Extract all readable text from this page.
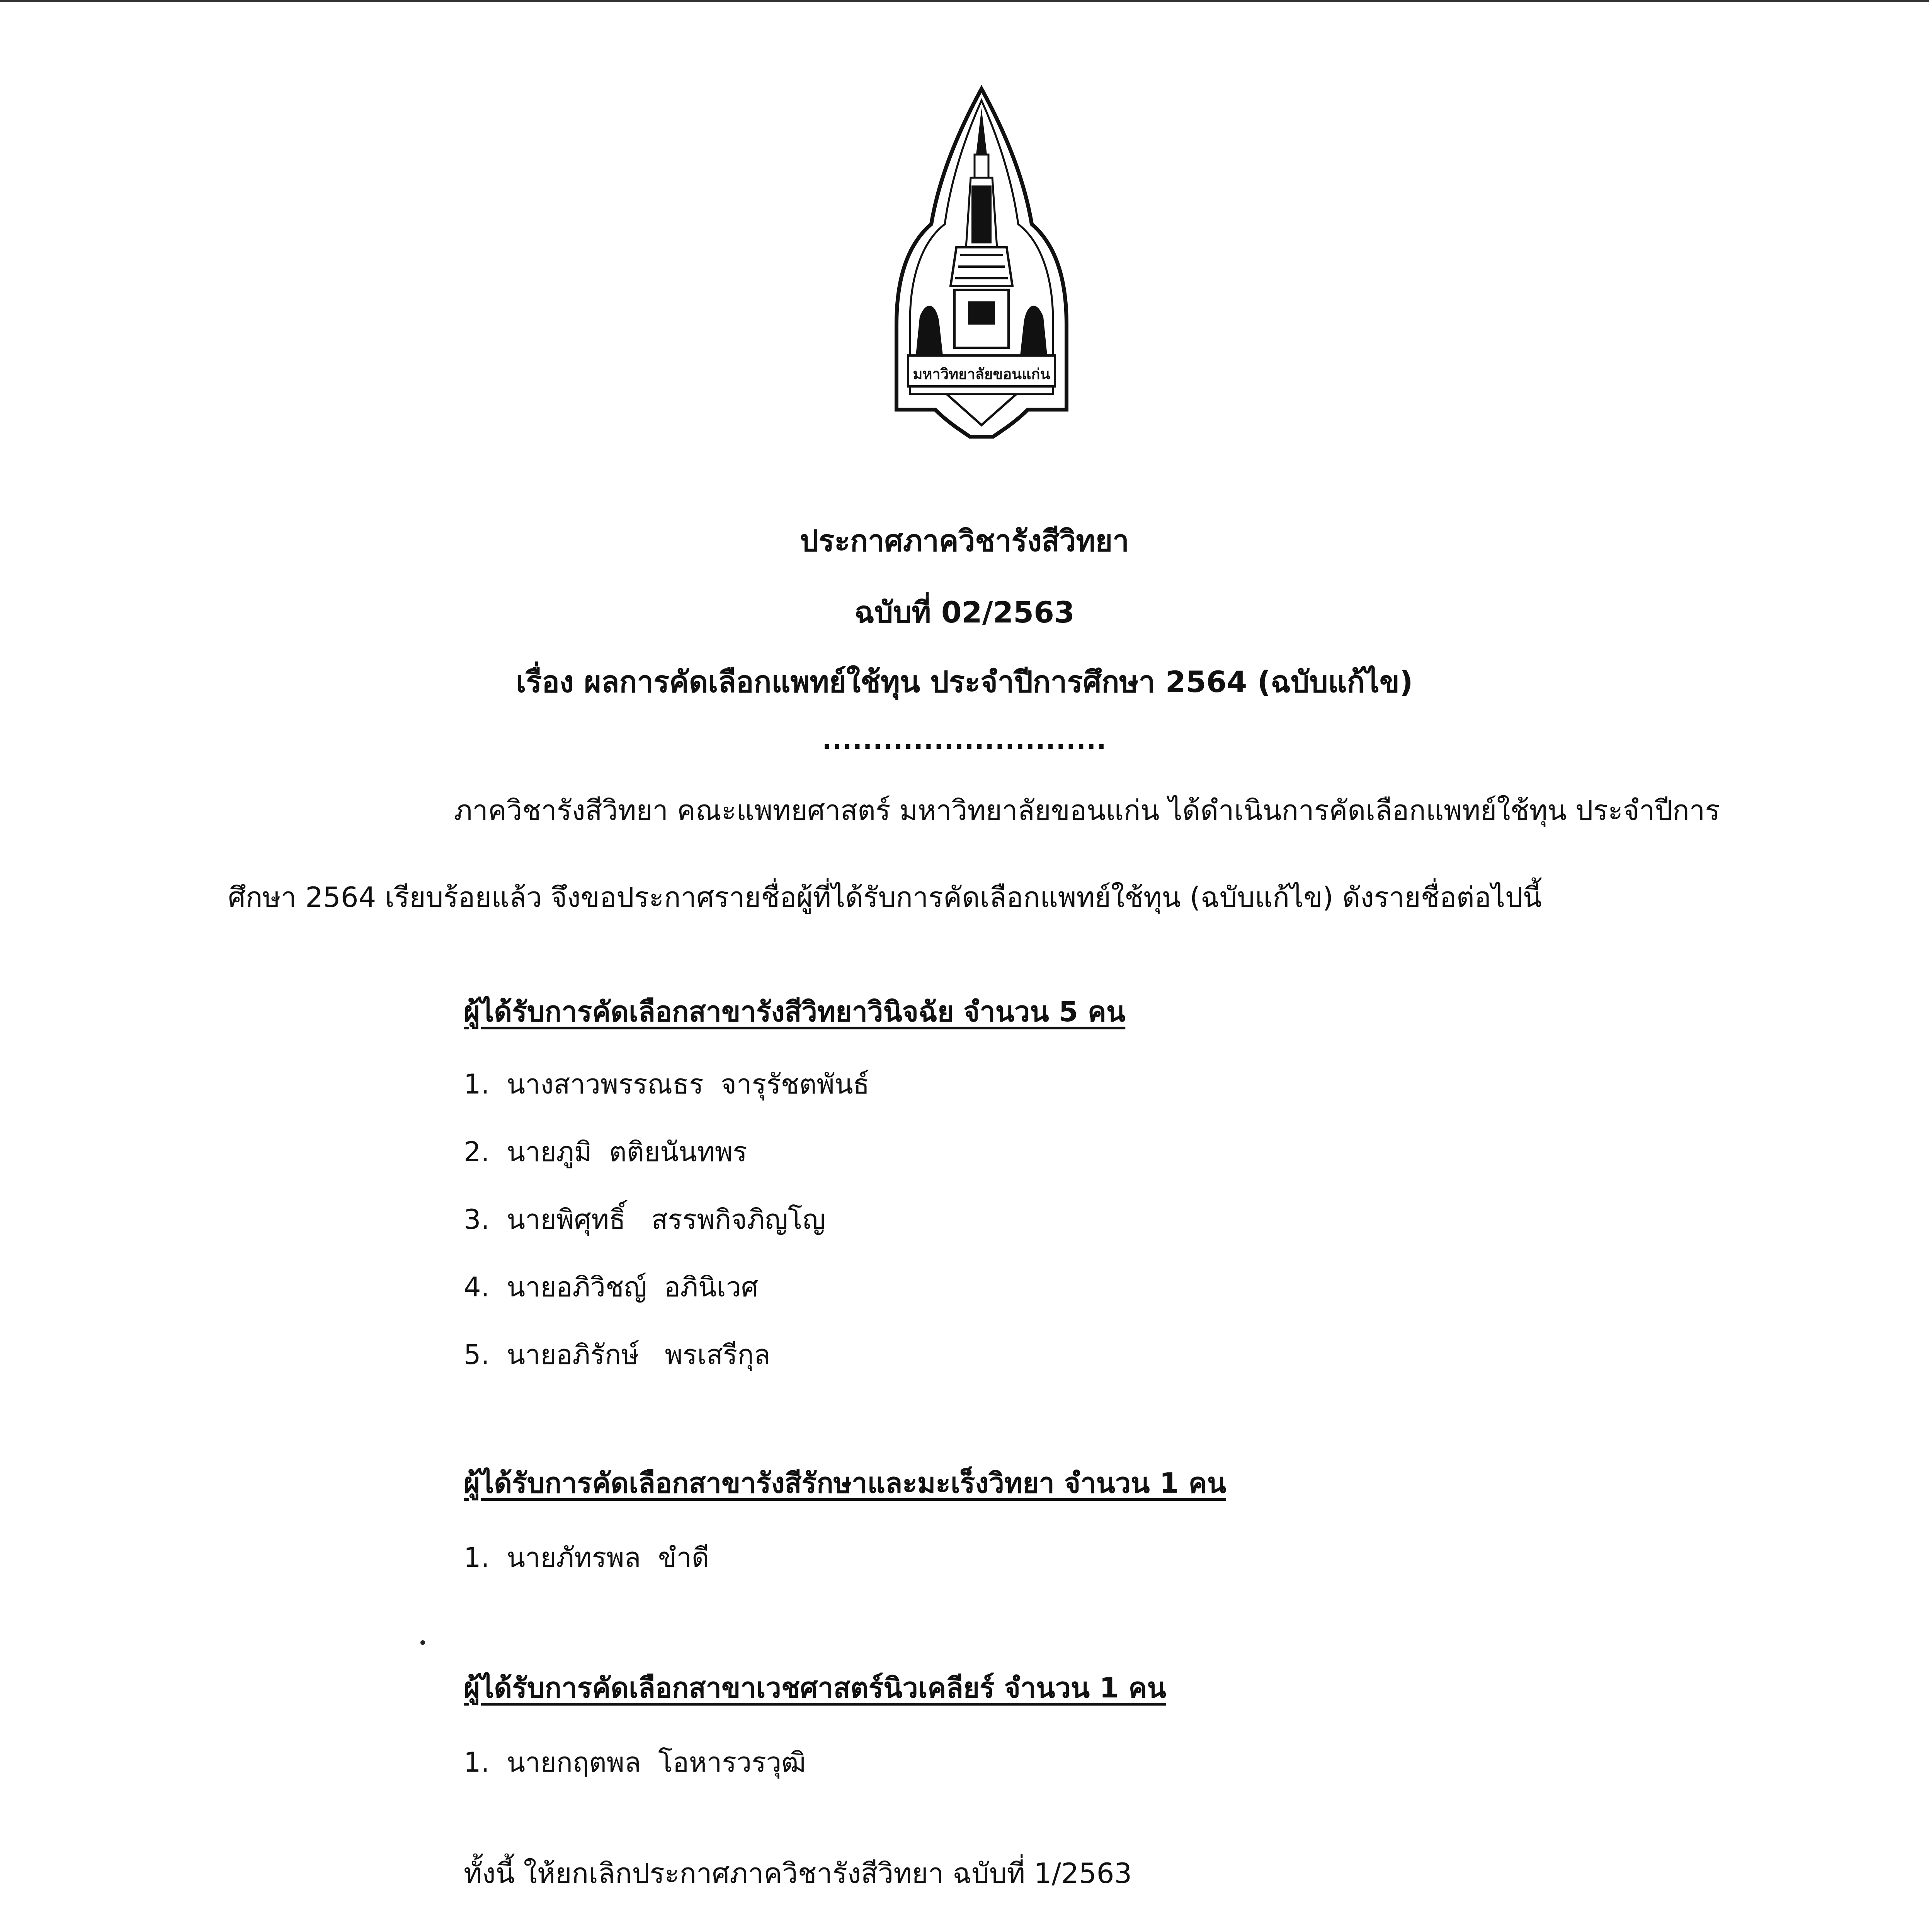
มหาวิทยาลัยขอนแก่น
ประกาศภาควิชารังสีวิทยา
ฉบับที่ 02/2563
เรื่อง ผลการคัดเลือกแพทย์ใช้ทุน ประจำปีการศึกษา 2564 (ฉบับแก้ไข)
............................
ภาควิชารังสีวิทยา คณะแพทยศาสตร์ มหาวิทยาลัยขอนแก่น ได้ดำเนินการคัดเลือกแพทย์ใช้ทุน ประจำปีการศึกษา 2564 เรียบร้อยแล้ว จึงขอประกาศรายชื่อผู้ที่ได้รับการคัดเลือกแพทย์ใช้ทุน (ฉบับแก้ไข) ดังรายชื่อต่อไปนี้
ผู้ได้รับการคัดเลือกสาขารังสีวิทยาวินิจฉัย จำนวน 5 คน
1.  นางสาวพรรณธร  จารุรัชตพันธ์
2.  นายภูมิ  ตติยนันทพร
3.  นายพิศุทธิ์   สรรพกิจภิญโญ
4.  นายอภิวิชญ์  อภินิเวศ
5.  นายอภิรักษ์   พรเสรีกุล
ผู้ได้รับการคัดเลือกสาขารังสีรักษาและมะเร็งวิทยา จำนวน 1 คน
1.  นายภัทรพล  ขำดี
ผู้ได้รับการคัดเลือกสาขาเวชศาสตร์นิวเคลียร์ จำนวน 1 คน
1.  นายกฤตพล  โอหารวรวุฒิ
ทั้งนี้ ให้ยกเลิกประกาศภาควิชารังสีวิทยา ฉบับที่ 1/2563
